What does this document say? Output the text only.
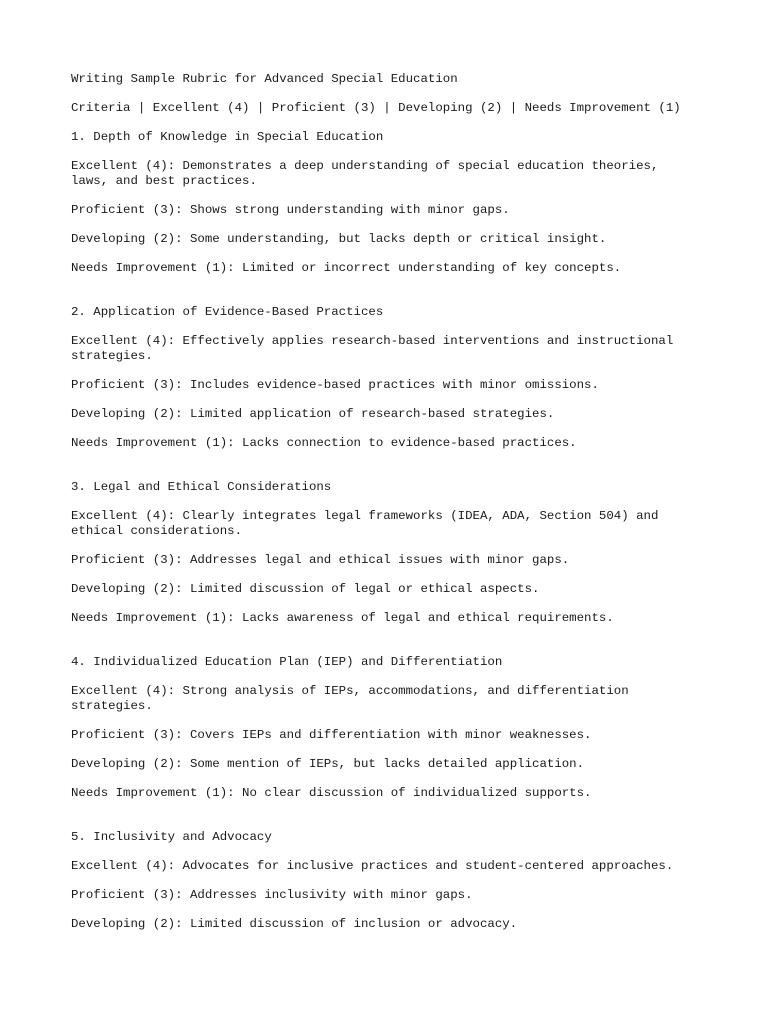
Writing Sample Rubric for Advanced Special Education

Criteria | Excellent (4) | Proficient (3) | Developing (2) | Needs Improvement (1)

1. Depth of Knowledge in Special Education

Excellent (4): Demonstrates a deep understanding of special education theories,
laws, and best practices.

Proficient (3): Shows strong understanding with minor gaps.

Developing (2): Some understanding, but lacks depth or critical insight.

Needs Improvement (1): Limited or incorrect understanding of key concepts.

2. Application of Evidence-Based Practices

Excellent (4): Effectively applies research-based interventions and instructional
strategies.

Proficient (3): Includes evidence-based practices with minor omissions.

Developing (2): Limited application of research-based strategies.

Needs Improvement (1): Lacks connection to evidence-based practices.

3. Legal and Ethical Considerations

Excellent (4): Clearly integrates legal frameworks (IDEA, ADA, Section 504) and
ethical considerations.

Proficient (3): Addresses legal and ethical issues with minor gaps.

Developing (2): Limited discussion of legal or ethical aspects.

Needs Improvement (1): Lacks awareness of legal and ethical requirements.

4. Individualized Education Plan (IEP) and Differentiation

Excellent (4): Strong analysis of IEPs, accommodations, and differentiation
strategies.

Proficient (3): Covers IEPs and differentiation with minor weaknesses.

Developing (2): Some mention of IEPs, but lacks detailed application.

Needs Improvement (1): No clear discussion of individualized supports.

5. Inclusivity and Advocacy

Excellent (4): Advocates for inclusive practices and student-centered approaches.

Proficient (3): Addresses inclusivity with minor gaps.

Developing (2): Limited discussion of inclusion or advocacy.
